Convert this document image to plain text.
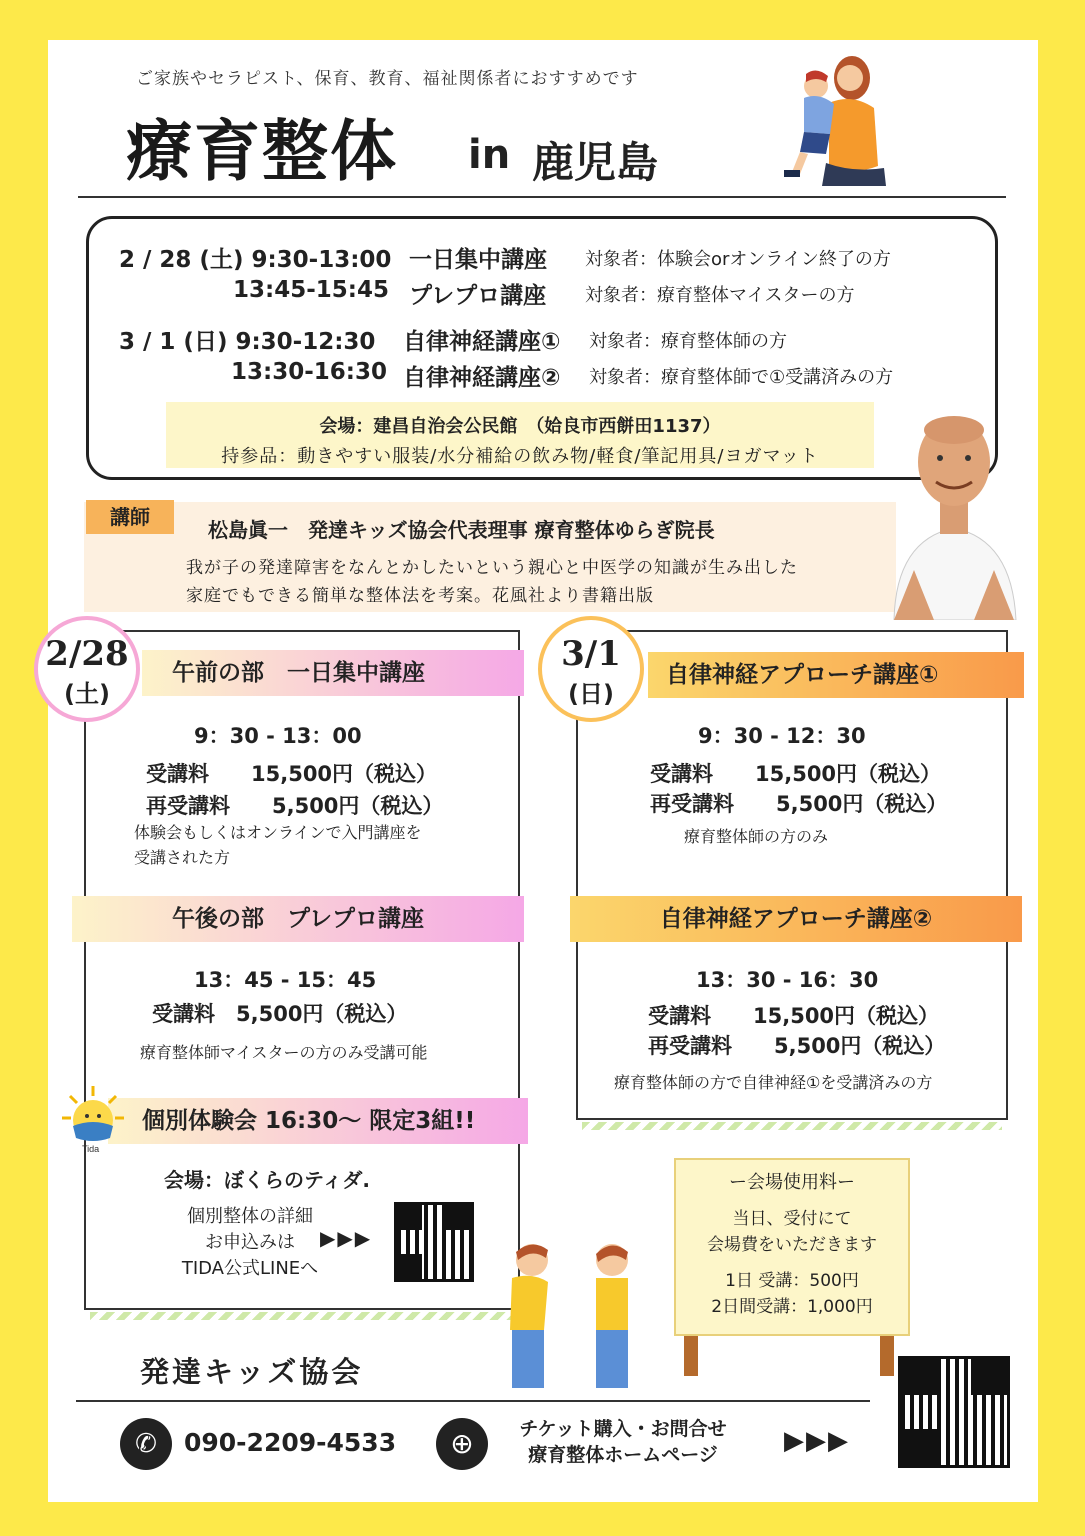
ご家族やセラピスト、保育、教育、福祉関係者におすすめです
療育整体 in 鹿児島
2 / 28 (土) 9:30-13:00 一日集中講座 対象者：体験会orオンライン終了の方
13:45-15:45 プレプロ講座 対象者：療育整体マイスターの方
3 / 1 (日) 9:30-12:30 自律神経講座① 対象者：療育整体師の方
13:30-16:30 自律神経講座② 対象者：療育整体師で①受講済みの方
会場：建昌自治会公民館　（姶良市西餅田1137）
持参品：動きやすい服装/水分補給の飲み物/軽食/筆記用具/ヨガマット
講師
松島眞一　発達キッズ協会代表理事 療育整体ゆらぎ院長
我が子の発達障害をなんとかしたいという親心と中医学の知識が生み出した
家庭でもできる簡単な整体法を考案。花風社より書籍出版
2/28
(土)
午前の部　一日集中講座
9：30 - 13：00
受講料　　15,500円（税込）
再受講料　　5,500円（税込）
体験会もしくはオンラインで入門講座を
受講された方
午後の部　プレプロ講座
13：45 - 15：45
受講料　5,500円（税込）
療育整体師マイスターの方のみ受講可能
個別体験会 16:30〜 限定3組!!
Tida
会場：ぼくらのティダ.
個別整体の詳細
お申込みは
TIDA公式LINEへ
▶▶▶
3/1
(日)
自律神経アプローチ講座①
9：30 - 12：30
受講料　　15,500円（税込）
再受講料　　5,500円（税込）
療育整体師の方のみ
自律神経アプローチ講座②
13：30 - 16：30
受講料　　15,500円（税込）
再受講料　　5,500円（税込）
療育整体師の方で自律神経①を受講済みの方
ー会場使用料ー
当日、受付にて
会場費をいただきます
1日 受講：500円
2日間受講：1,000円
発達キッズ協会
✆	090-2209-4533	⊕	チケット購入・お問合せ
療育整体ホームページ	▶▶▶
